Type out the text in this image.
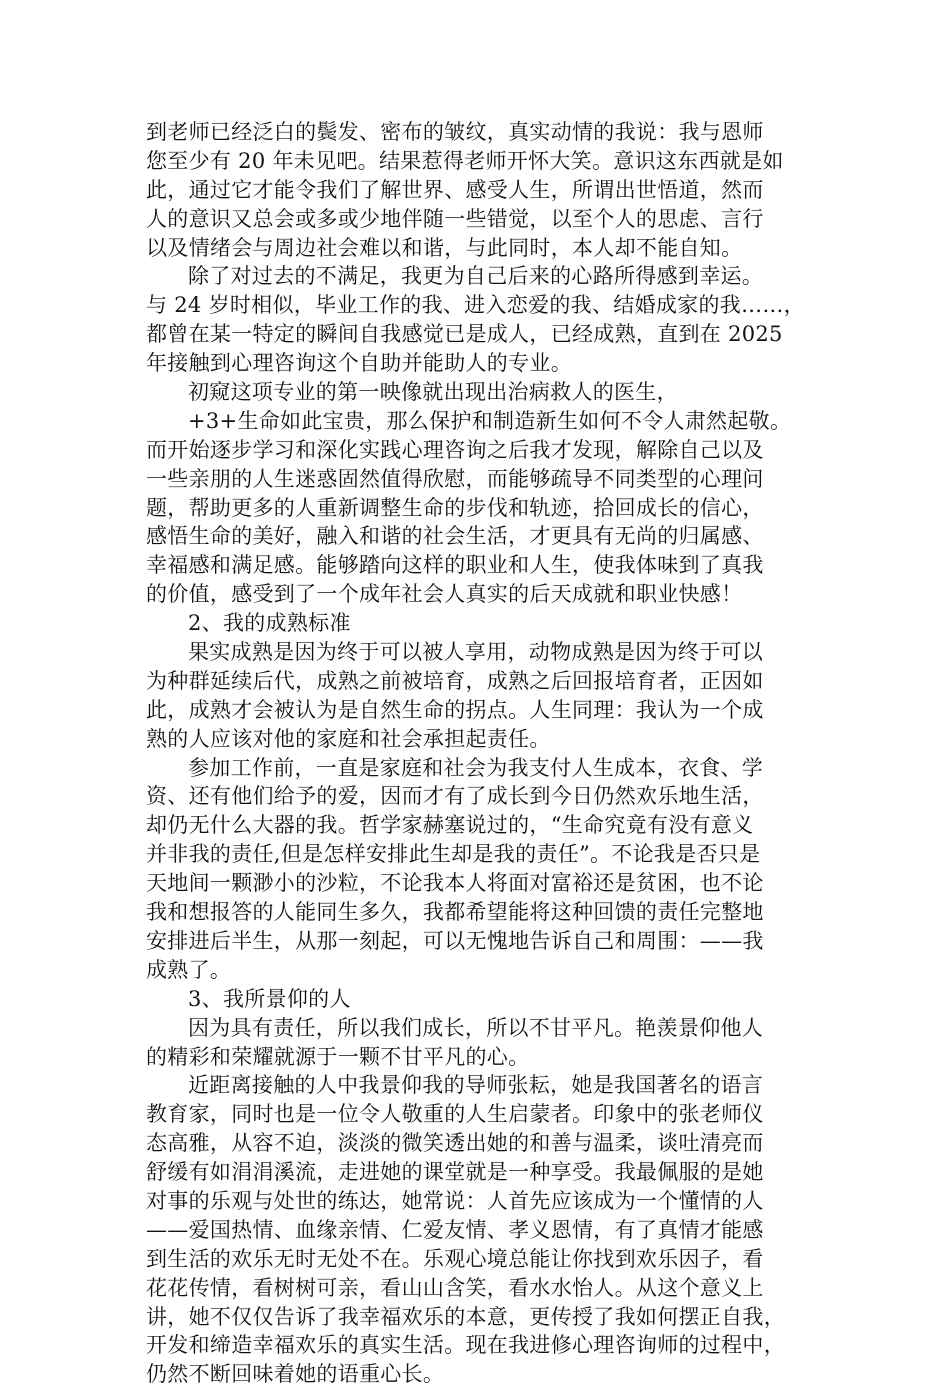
到老师已经泛白的鬓发、密布的皱纹，真实动情的我说：我与恩师
您至少有 20 年未见吧。结果惹得老师开怀大笑。意识这东西就是如
此，通过它才能令我们了解世界、感受人生，所谓出世悟道，然而
人的意识又总会或多或少地伴随一些错觉，以至个人的思虑、言行
以及情绪会与周边社会难以和谐，与此同时，本人却不能自知。
除了对过去的不满足，我更为自己后来的心路所得感到幸运。
与 24 岁时相似，毕业工作的我、进入恋爱的我、结婚成家的我……，
都曾在某一特定的瞬间自我感觉已是成人，已经成熟，直到在 2025
年接触到心理咨询这个自助并能助人的专业。
初窥这项专业的第一映像就出现出治病救人的医生，
+3+生命如此宝贵，那么保护和制造新生如何不令人肃然起敬。
而开始逐步学习和深化实践心理咨询之后我才发现，解除自己以及
一些亲朋的人生迷惑固然值得欣慰，而能够疏导不同类型的心理问
题，帮助更多的人重新调整生命的步伐和轨迹，拾回成长的信心，
感悟生命的美好，融入和谐的社会生活，才更具有无尚的归属感、
幸福感和满足感。能够踏向这样的职业和人生，使我体味到了真我
的价值，感受到了一个成年社会人真实的后天成就和职业快感！
2、我的成熟标准
果实成熟是因为终于可以被人享用，动物成熟是因为终于可以
为种群延续后代，成熟之前被培育，成熟之后回报培育者，正因如
此，成熟才会被认为是自然生命的拐点。人生同理：我认为一个成
熟的人应该对他的家庭和社会承担起责任。
参加工作前，一直是家庭和社会为我支付人生成本，衣食、学
资、还有他们给予的爱，因而才有了成长到今日仍然欢乐地生活，
却仍无什么大器的我。哲学家赫塞说过的，“生命究竟有没有意义
并非我的责任,但是怎样安排此生却是我的责任”。不论我是否只是
天地间一颗渺小的沙粒，不论我本人将面对富裕还是贫困，也不论
我和想报答的人能同生多久，我都希望能将这种回馈的责任完整地
安排进后半生，从那一刻起，可以无愧地告诉自己和周围：——我
成熟了。
3、我所景仰的人
因为具有责任，所以我们成长，所以不甘平凡。艳羡景仰他人
的精彩和荣耀就源于一颗不甘平凡的心。
近距离接触的人中我景仰我的导师张耘，她是我国著名的语言
教育家，同时也是一位令人敬重的人生启蒙者。印象中的张老师仪
态高雅，从容不迫，淡淡的微笑透出她的和善与温柔，谈吐清亮而
舒缓有如涓涓溪流，走进她的课堂就是一种享受。我最佩服的是她
对事的乐观与处世的练达，她常说：人首先应该成为一个懂情的人
——爱国热情、血缘亲情、仁爱友情、孝义恩情，有了真情才能感
到生活的欢乐无时无处不在。乐观心境总能让你找到欢乐因子，看
花花传情，看树树可亲，看山山含笑，看水水怡人。从这个意义上
讲，她不仅仅告诉了我幸福欢乐的本意，更传授了我如何摆正自我，
开发和缔造幸福欢乐的真实生活。现在我进修心理咨询师的过程中，
仍然不断回味着她的语重心长。
